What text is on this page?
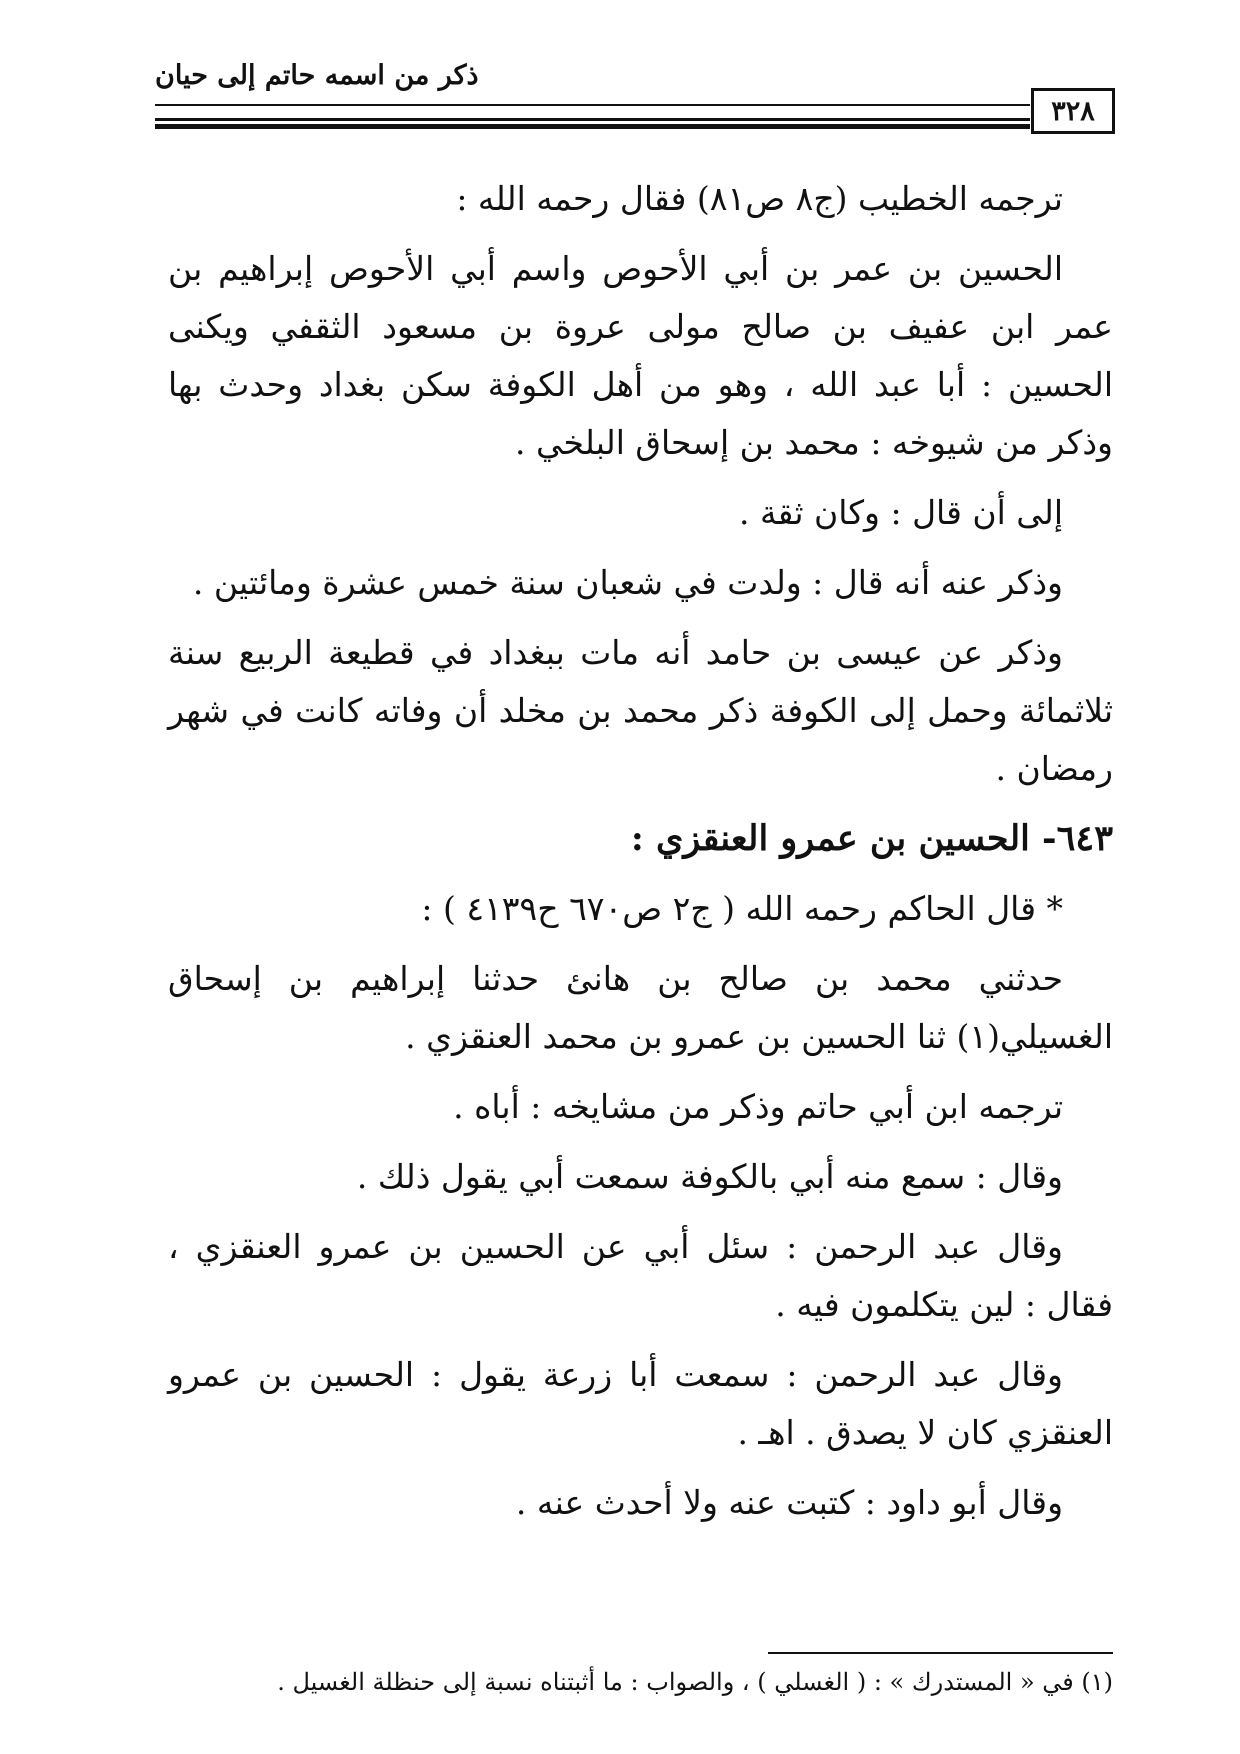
ذكر من اسمه حاتم إلى حيان
٣٢٨

ترجمه الخطيب (ج٨ ص٨١) فقال رحمه الله :

الحسين بن عمر بن أبي الأحوص واسم أبي الأحوص إبراهيم بن عمر ابن عفيف بن صالح مولى عروة بن مسعود الثقفي ويكنى الحسين : أبا عبد الله ، وهو من أهل الكوفة سكن بغداد وحدث بها وذكر من شيوخه : محمد بن إسحاق البلخي .

إلى أن قال : وكان ثقة .

وذكر عنه أنه قال : ولدت في شعبان سنة خمس عشرة ومائتين .

وذكر عن عيسى بن حامد أنه مات ببغداد في قطيعة الربيع سنة ثلاثمائة وحمل إلى الكوفة ذكر محمد بن مخلد أن وفاته كانت في شهر رمضان .

٦٤٣- الحسين بن عمرو العنقزي :

* قال الحاكم رحمه الله ( ج٢ ص٦٧٠ ح٤١٣٩ ) :

حدثني محمد بن صالح بن هانئ حدثنا إبراهيم بن إسحاق الغسيلي(١) ثنا الحسين بن عمرو بن محمد العنقزي .

ترجمه ابن أبي حاتم وذكر من مشايخه : أباه .

وقال : سمع منه أبي بالكوفة سمعت أبي يقول ذلك .

وقال عبد الرحمن : سئل أبي عن الحسين بن عمرو العنقزي ، فقال : لين يتكلمون فيه .

وقال عبد الرحمن : سمعت أبا زرعة يقول : الحسين بن عمرو العنقزي كان لا يصدق . اهـ .

وقال أبو داود : كتبت عنه ولا أحدث عنه .

(١) في « المستدرك » : ( الغسلي ) ، والصواب : ما أثبتناه نسبة إلى حنظلة الغسيل .
